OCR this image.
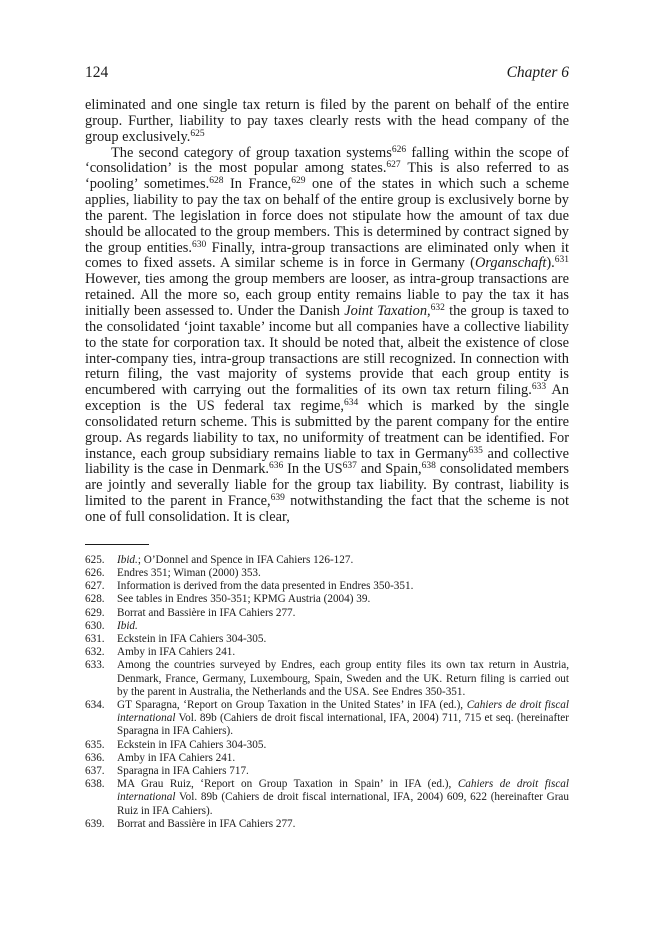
124	Chapter 6

eliminated and one single tax return is filed by the parent on behalf of the entire group. Further, liability to pay taxes clearly rests with the head company of the group exclusively.$^{625}$

The second category of group taxation systems$^{626}$ falling within the scope of ‘consolidation’ is the most popular among states.$^{627}$ This is also referred to as ‘pooling’ sometimes.$^{628}$ In France,$^{629}$ one of the states in which such a scheme applies, liability to pay the tax on behalf of the entire group is exclusively borne by the parent. The legislation in force does not stipulate how the amount of tax due should be allocated to the group members. This is determined by contract signed by the group entities.$^{630}$ Finally, intra-group transactions are eliminated only when it comes to fixed assets. A similar scheme is in force in Germany (Organschaft).$^{631}$ However, ties among the group members are looser, as intra-group transactions are retained. All the more so, each group entity remains liable to pay the tax it has initially been assessed to. Under the Danish Joint Taxation,$^{632}$ the group is taxed to the consolidated ‘joint taxable’ income but all companies have a collective liability to the state for corporation tax. It should be noted that, albeit the existence of close inter-company ties, intra-group transactions are still recognized. In connection with return filing, the vast majority of systems provide that each group entity is encumbered with carrying out the formalities of its own tax return filing.$^{633}$ An exception is the US federal tax regime,$^{634}$ which is marked by the single consolidated return scheme. This is submitted by the parent company for the entire group. As regards liability to tax, no uniformity of treatment can be identified. For instance, each group subsidiary remains liable to tax in Germany$^{635}$ and collective liability is the case in Denmark.$^{636}$ In the US$^{637}$ and Spain,$^{638}$ consolidated members are jointly and severally liable for the group tax liability. By contrast, liability is limited to the parent in France,$^{639}$ notwithstanding the fact that the scheme is not one of full consolidation. It is clear,

625.	Ibid.; O’Donnel and Spence in IFA Cahiers 126-127.
626.	Endres 351; Wiman (2000) 353.
627.	Information is derived from the data presented in Endres 350-351.
628.	See tables in Endres 350-351; KPMG Austria (2004) 39.
629.	Borrat and Bassière in IFA Cahiers 277.
630.	Ibid.
631.	Eckstein in IFA Cahiers 304-305.
632.	Amby in IFA Cahiers 241.
633.	Among the countries surveyed by Endres, each group entity files its own tax return in Austria, Denmark, France, Germany, Luxembourg, Spain, Sweden and the UK. Return filing is carried out by the parent in Australia, the Netherlands and the USA. See Endres 350-351.
634.	GT Sparagna, ‘Report on Group Taxation in the United States’ in IFA (ed.), Cahiers de droit fiscal international Vol. 89b (Cahiers de droit fiscal international, IFA, 2004) 711, 715 et seq. (hereinafter Sparagna in IFA Cahiers).
635.	Eckstein in IFA Cahiers 304-305.
636.	Amby in IFA Cahiers 241.
637.	Sparagna in IFA Cahiers 717.
638.	MA Grau Ruiz, ‘Report on Group Taxation in Spain’ in IFA (ed.), Cahiers de droit fiscal international Vol. 89b (Cahiers de droit fiscal international, IFA, 2004) 609, 622 (hereinafter Grau Ruiz in IFA Cahiers).
639.	Borrat and Bassière in IFA Cahiers 277.
